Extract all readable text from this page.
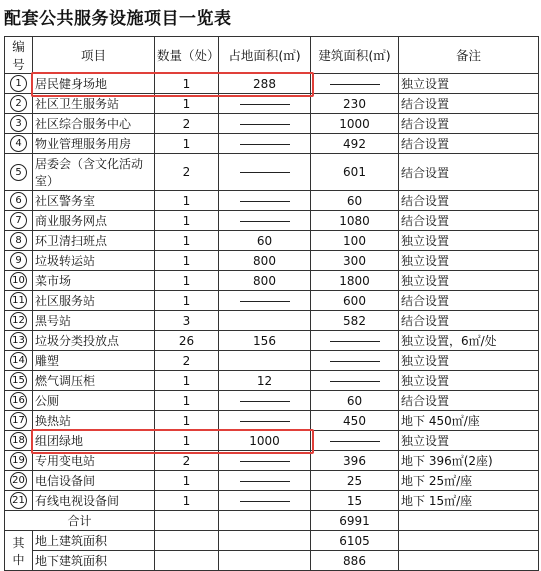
配套公共服务设施项目一览表
编号	项目	数量（处）	占地面积(㎡)	建筑面积(㎡)	备注
1	居民健身场地	1	288		独立设置
2	社区卫生服务站	1		230	结合设置
3	社区综合服务中心	2		1000	结合设置
4	物业管理服务用房	1		492	结合设置
5	居委会（含文化活动室）	2		601	结合设置
6	社区警务室	1		60	结合设置
7	商业服务网点	1		1080	结合设置
8	环卫清扫班点	1	60	100	独立设置
9	垃圾转运站	1	800	300	独立设置
10	菜市场	1	800	1800	独立设置
11	社区服务站	1		600	结合设置
12	黑号站	3		582	结合设置
13	垃圾分类投放点	26	156		独立设置，6㎡/处
14	雕塑	2			独立设置
15	燃气调压柜	1	12		独立设置
16	公厕	1		60	结合设置
17	换热站	1		450	地下 450㎡/座
18	组团绿地	1	1000		独立设置
19	专用变电站	2		396	地下 396㎡(2座)
20	电信设备间	1		25	地下 25㎡/座
21	有线电视设备间	1		15	地下 15㎡/座
合计				6991	
其中	地上建筑面积			6105	
	地下建筑面积			886	
